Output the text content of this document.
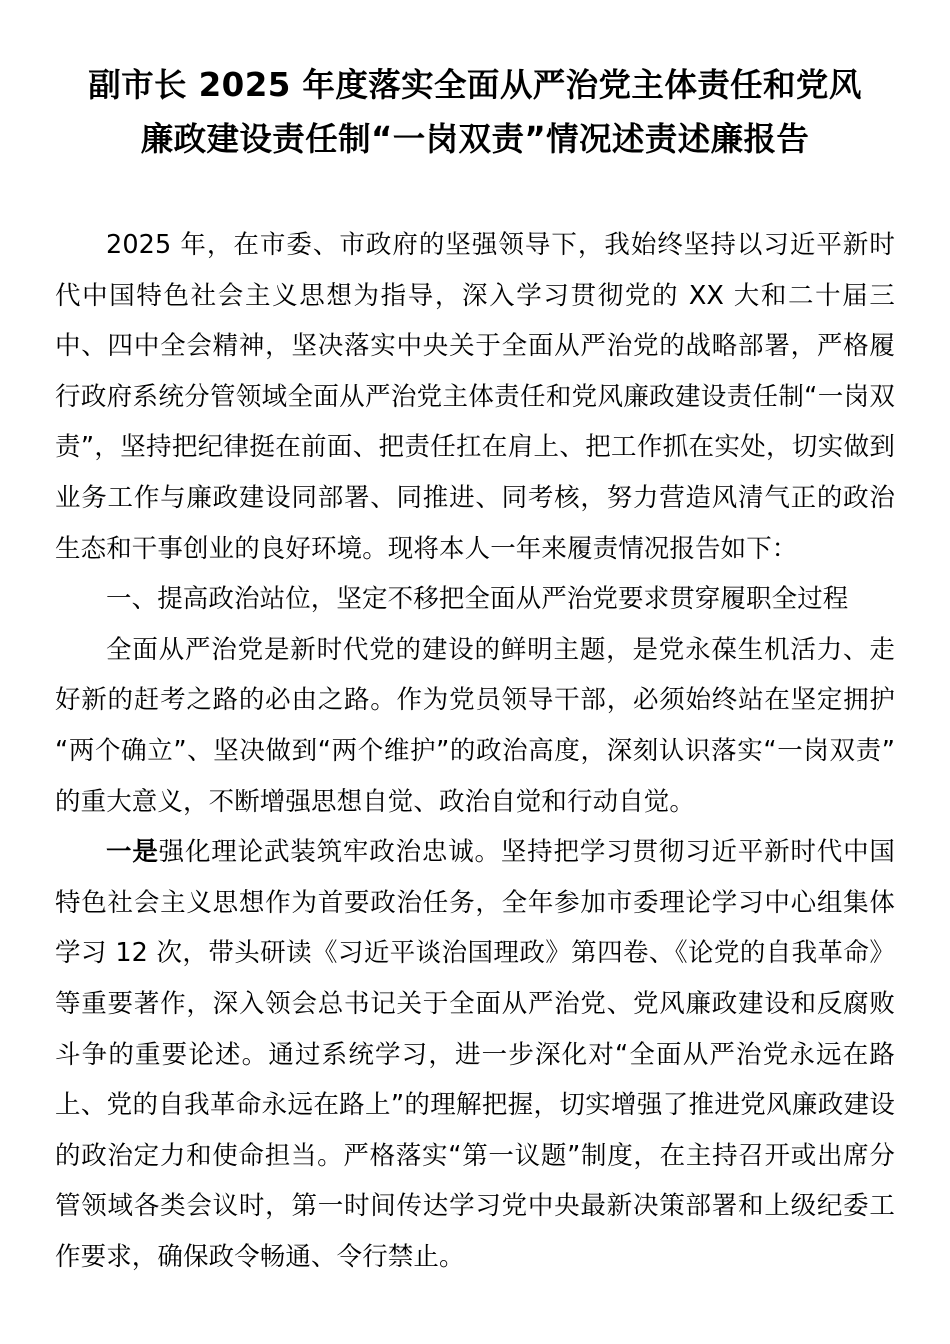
副市长 2025 年度落实全面从严治党主体责任和党风
廉政建设责任制“一岗双责”情况述责述廉报告

2025 年，在市委、市政府的坚强领导下，我始终坚持以习近平新时代中国特色社会主义思想为指导，深入学习贯彻党的 XX 大和二十届三中、四中全会精神，坚决落实中央关于全面从严治党的战略部署，严格履行政府系统分管领域全面从严治党主体责任和党风廉政建设责任制“一岗双责”，坚持把纪律挺在前面、把责任扛在肩上、把工作抓在实处，切实做到业务工作与廉政建设同部署、同推进、同考核，努力营造风清气正的政治生态和干事创业的良好环境。现将本人一年来履责情况报告如下：

一、提高政治站位，坚定不移把全面从严治党要求贯穿履职全过程

全面从严治党是新时代党的建设的鲜明主题，是党永葆生机活力、走好新的赶考之路的必由之路。作为党员领导干部，必须始终站在坚定拥护“两个确立”、坚决做到“两个维护”的政治高度，深刻认识落实“一岗双责”的重大意义，不断增强思想自觉、政治自觉和行动自觉。

一是强化理论武装筑牢政治忠诚。坚持把学习贯彻习近平新时代中国特色社会主义思想作为首要政治任务，全年参加市委理论学习中心组集体学习 12 次，带头研读《习近平谈治国理政》第四卷、《论党的自我革命》等重要著作，深入领会总书记关于全面从严治党、党风廉政建设和反腐败斗争的重要论述。通过系统学习，进一步深化对“全面从严治党永远在路上、党的自我革命永远在路上”的理解把握，切实增强了推进党风廉政建设的政治定力和使命担当。严格落实“第一议题”制度，在主持召开或出席分管领域各类会议时，第一时间传达学习党中央最新决策部署和上级纪委工作要求，确保政令畅通、令行禁止。
